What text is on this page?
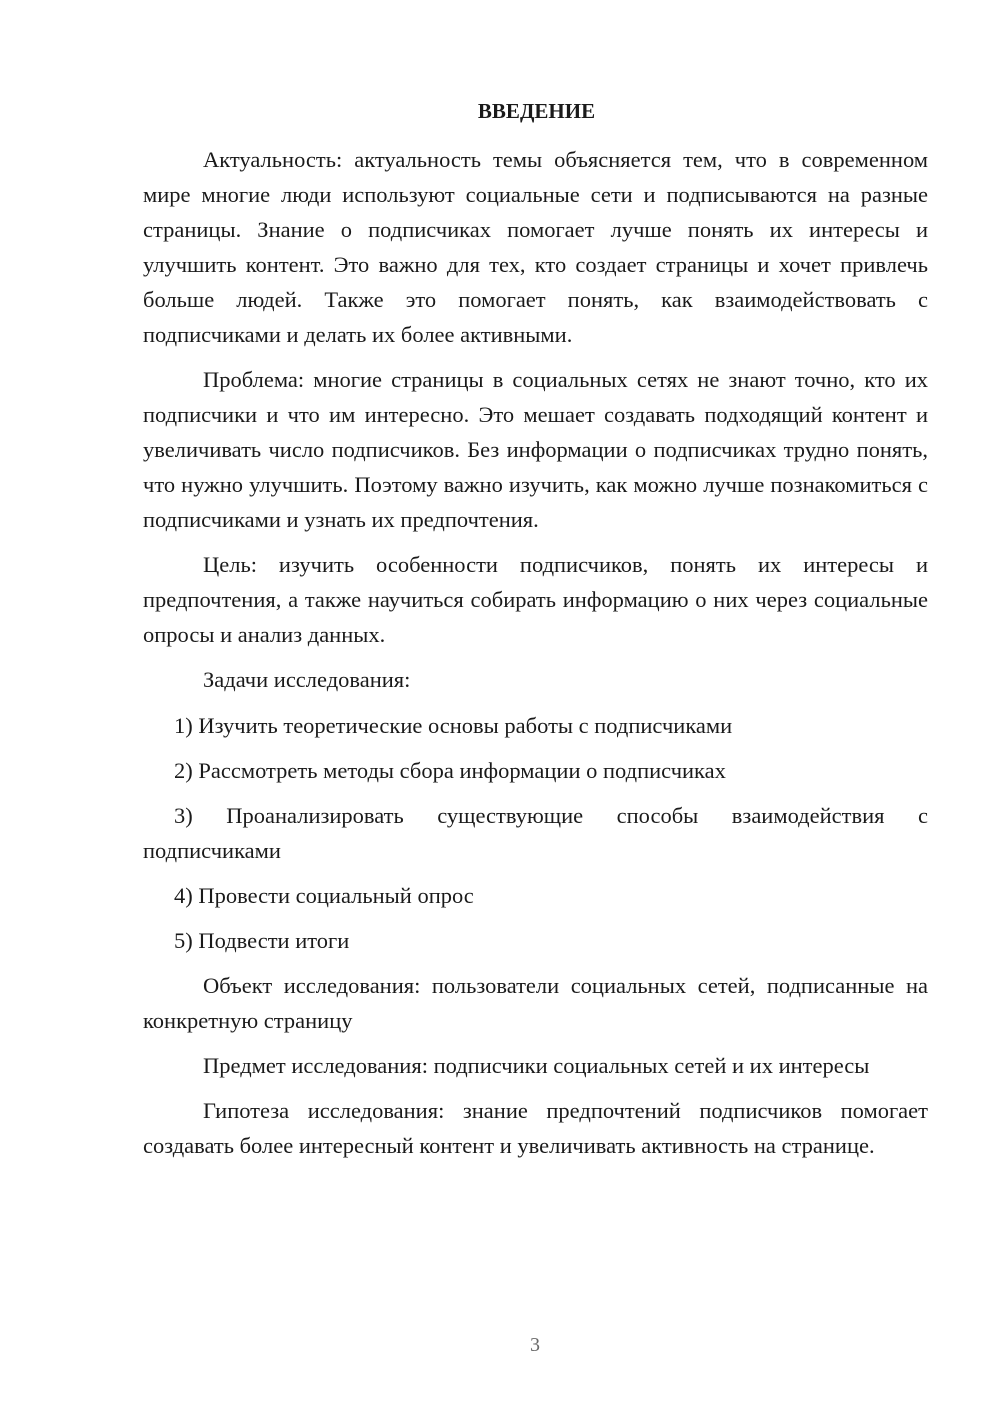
ВВЕДЕНИЕ

Актуальность: актуальность темы объясняется тем, что в современном мире многие люди используют социальные сети и подписываются на разные страницы. Знание о подписчиках помогает лучше понять их интересы и улучшить контент. Это важно для тех, кто создает страницы и хочет привлечь больше людей. Также это помогает понять, как взаимодействовать с подписчиками и делать их более активными.

Проблема: многие страницы в социальных сетях не знают точно, кто их подписчики и что им интересно. Это мешает создавать подходящий контент и увеличивать число подписчиков. Без информации о подписчиках трудно понять, что нужно улучшить. Поэтому важно изучить, как можно лучше познакомиться с подписчиками и узнать их предпочтения.

Цель: изучить особенности подписчиков, понять их интересы и предпочтения, а также научиться собирать информацию о них через социальные опросы и анализ данных.

Задачи исследования:

1) Изучить теоретические основы работы с подписчиками

2) Рассмотреть методы сбора информации о подписчиках

3) Проанализировать существующие способы взаимодействия с подписчиками

4) Провести социальный опрос

5) Подвести итоги

Объект исследования: пользователи социальных сетей, подписанные на конкретную страницу

Предмет исследования: подписчики социальных сетей и их интересы

Гипотеза исследования: знание предпочтений подписчиков помогает создавать более интересный контент и увеличивать активность на странице.

3
